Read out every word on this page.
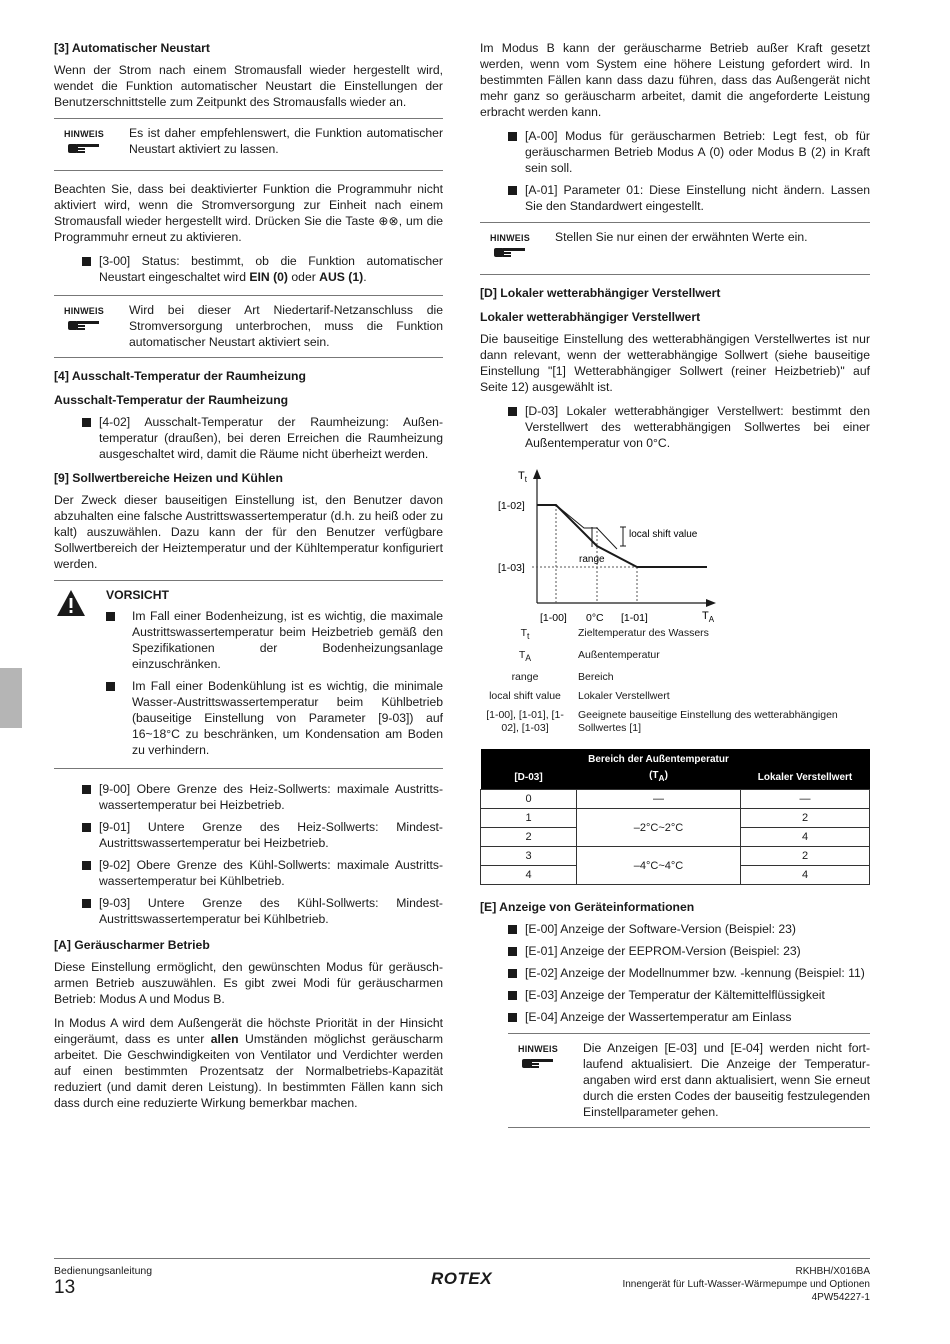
[3] Automatischer Neustart

Wenn der Strom nach einem Stromausfall wieder hergestellt wird, wendet die Funktion automatischer Neustart die Einstellungen der Benutzerschnittstelle zum Zeitpunkt des Stromausfalls wieder an.

HINWEIS Es ist daher empfehlenswert, die Funktion automatischer Neustart aktiviert zu lassen.

Beachten Sie, dass bei deaktivierter Funktion die Programmuhr nicht aktiviert wird, wenn die Stromversorgung zur Einheit nach einem Stromausfall wieder hergestellt wird. Drücken Sie die Taste ⊕⊗, um die Programmuhr erneut zu aktivieren.

[3-00] Status: bestimmt, ob die Funktion automatischer Neustart eingeschaltet wird EIN (0) oder AUS (1).
HINWEIS Wird bei dieser Art Niedertarif-Netzanschluss die Stromversorgung unterbrochen, muss die Funktion automatischer Neustart aktiviert sein.
[4] Ausschalt-Temperatur der Raumheizung
Ausschalt-Temperatur der Raumheizung
[4-02] Ausschalt-Temperatur der Raumheizung: Außentemperatur (draußen), bei deren Erreichen die Raumheizung ausgeschaltet wird, damit die Räume nicht überheizt werden.
[9] Sollwertbereiche Heizen und Kühlen

Der Zweck dieser bauseitigen Einstellung ist, den Benutzer davon abzuhalten eine falsche Austrittswassertemperatur (d.h. zu heiß oder zu kalt) auszuwählen. Dazu kann der für den Benutzer verfügbare Sollwertbereich der Heiztemperatur und der Kühltemperatur konfiguriert werden.

VORSICHT
Im Fall einer Bodenheizung, ist es wichtig, die maximale Austrittswassertemperatur beim Heizbetrieb gemäß den Spezifikationen der Bodenheizungsanlage einzuschränken.
Im Fall einer Bodenkühlung ist es wichtig, die minimale Wasser-Austrittswassertemperatur beim Kühlbetrieb (bauseitige Einstellung von Parameter [9-03]) auf 16~18°C zu beschränken, um Kondensation am Boden zu verhindern.
[9-00] Obere Grenze des Heiz-Sollwerts: maximale Austrittswassertemperatur bei Heizbetrieb.
[9-01] Untere Grenze des Heiz-Sollwerts: Mindest-Austrittswassertemperatur bei Heizbetrieb.
[9-02] Obere Grenze des Kühl-Sollwerts: maximale Austrittswassertemperatur bei Kühlbetrieb.
[9-03] Untere Grenze des Kühl-Sollwerts: Mindest-Austrittswassertemperatur bei Kühlbetrieb.
[A] Geräuscharmer Betrieb

Diese Einstellung ermöglicht, den gewünschten Modus für geräuscharmen Betrieb auszuwählen. Es gibt zwei Modi für geräuscharmen Betrieb: Modus A und Modus B.

In Modus A wird dem Außengerät die höchste Priorität in der Hinsicht eingeräumt, dass es unter allen Umständen möglichst geräuscharm arbeitet. Die Geschwindigkeiten von Ventilator und Verdichter werden auf einen bestimmten Prozentsatz der Normalbetriebs-Kapazität reduziert (und damit deren Leistung). In bestimmten Fällen kann sich dass durch eine reduzierte Wirkung bemerkbar machen.

Im Modus B kann der geräuscharme Betrieb außer Kraft gesetzt werden, wenn vom System eine höhere Leistung gefordert wird. In bestimmten Fällen kann dass dazu führen, dass das Außengerät nicht mehr ganz so geräuscharm arbeitet, damit die angeforderte Leistung erbracht werden kann.

[A-00] Modus für geräuscharmen Betrieb: Legt fest, ob für geräuscharmen Betrieb Modus A (0) oder Modus B (2) in Kraft sein soll.
[A-01] Parameter 01: Diese Einstellung nicht ändern. Lassen Sie den Standardwert eingestellt.
HINWEIS Stellen Sie nur einen der erwähnten Werte ein.
[D] Lokaler wetterabhängiger Verstellwert
Lokaler wetterabhängiger Verstellwert

Die bauseitige Einstellung des wetterabhängigen Verstellwertes ist nur dann relevant, wenn der wetterabhängige Sollwert (siehe bauseitige Einstellung "[1] Wetterabhängiger Sollwert (reiner Heizbetrieb)" auf Seite 12) ausgewählt ist.

[D-03] Lokaler wetterabhängiger Verstellwert: bestimmt den Verstellwert des wetterabhängigen Sollwertes bei einer Außentemperatur von 0°C.
$T_t$
$T_A$
[1-02]
[1-03]
[1-00] 0°C [1-01]
local shift value
range
$T_t$	Zieltemperatur des Wassers
$T_A$	Außentemperatur
range	Bereich
local shift value	Lokaler Verstellwert
[1-00], [1-01], [1-02], [1-03]
Geeignete bauseitige Einstellung des wetterabhängigen Sollwertes [1]
[D-03]	Bereich der Außentemperatur $(T_A)$	Lokaler Verstellwert
0	—	—
1	–2°C~2°C	2
2		4
3	–4°C~4°C	2
4		4
[E] Anzeige von Geräteinformationen
[E-00] Anzeige der Software-Version (Beispiel: 23)
[E-01] Anzeige der EEPROM-Version (Beispiel: 23)
[E-02] Anzeige der Modellnummer bzw. -kennung (Beispiel: 11)
[E-03] Anzeige der Temperatur der Kältemittelflüssigkeit
[E-04] Anzeige der Wassertemperatur am Einlass
HINWEIS Die Anzeigen [E-03] und [E-04] werden nicht fortlaufend aktualisiert. Die Anzeige der Temperaturangaben wird erst dann aktualisiert, wenn Sie erneut durch die ersten Codes der bauseitig festzulegenden Einstellparameter gehen.
Bedienungsanleitung
13	ROTEX	RKHBH/X016BA
Innengerät für Luft-Wasser-Wärmepumpe und Optionen
4PW54227-1
